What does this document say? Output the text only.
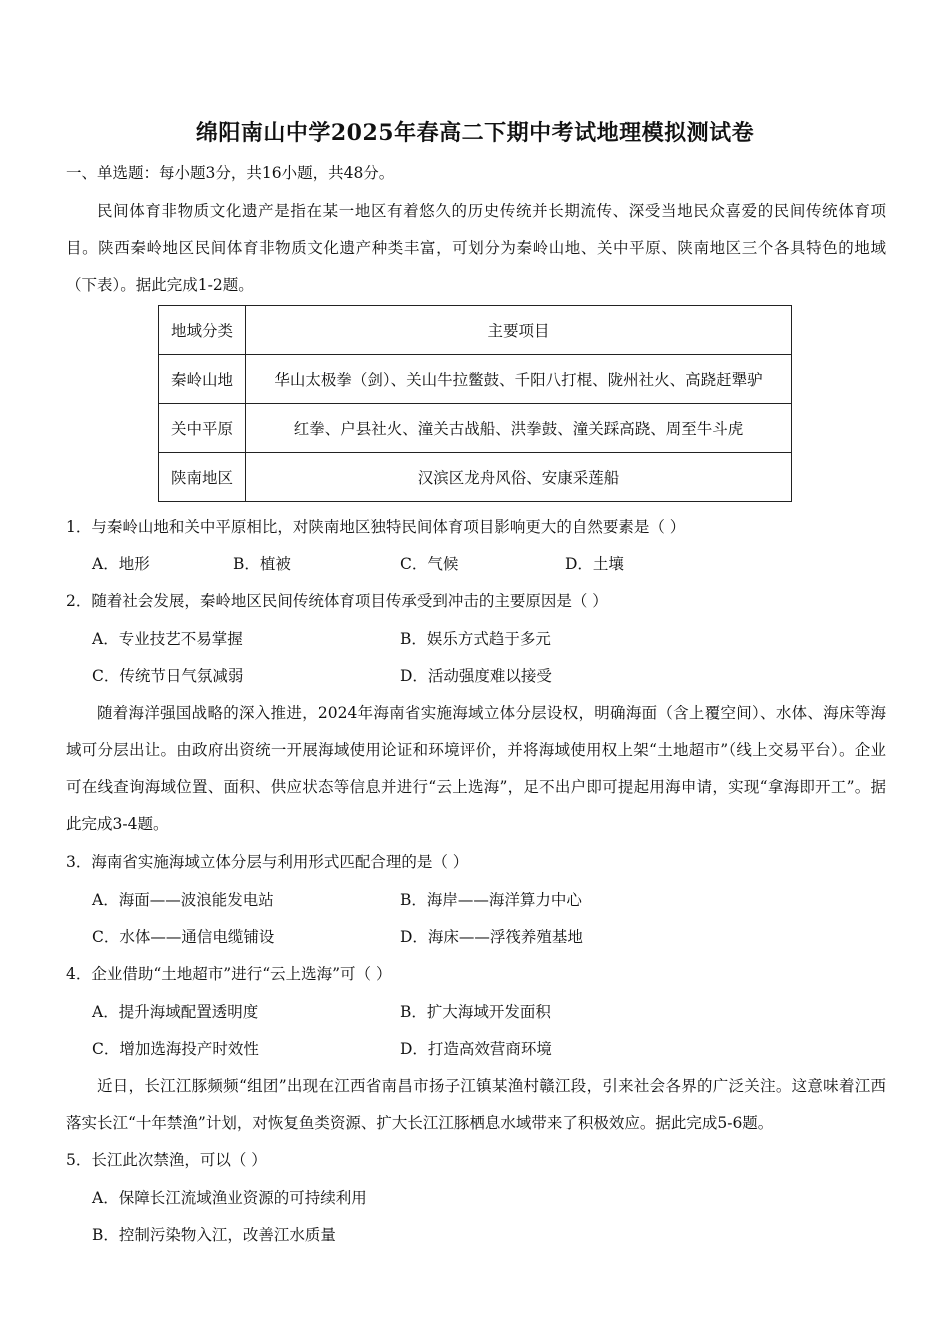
绵阳南山中学2025年春高二下期中考试地理模拟测试卷
一、单选题：每小题3分，共16小题，共48分。
民间体育非物质文化遗产是指在某一地区有着悠久的历史传统并长期流传、深受当地民众喜爱的民间传统体育项目。陕西秦岭地区民间体育非物质文化遗产种类丰富，可划分为秦岭山地、关中平原、陕南地区三个各具特色的地域（下表）。据此完成1-2题。
地域分类	主要项目
秦岭山地	华山太极拳（剑）、关山牛拉鳖鼓、千阳八打棍、陇州社火、高跷赶犟驴
关中平原	红拳、户县社火、潼关古战船、洪拳鼓、潼关踩高跷、周至牛斗虎
陕南地区	汉滨区龙舟风俗、安康采莲船
1．与秦岭山地和关中平原相比，对陕南地区独特民间体育项目影响更大的自然要素是（ ）
A．地形	B．植被	C．气候	D．土壤
2．随着社会发展，秦岭地区民间传统体育项目传承受到冲击的主要原因是（ ）
A．专业技艺不易掌握	B．娱乐方式趋于多元
C．传统节日气氛减弱	D．活动强度难以接受
随着海洋强国战略的深入推进，2024年海南省实施海域立体分层设权，明确海面（含上覆空间）、水体、海床等海域可分层出让。由政府出资统一开展海域使用论证和环境评价，并将海域使用权上架“土地超市”（线上交易平台）。企业可在线查询海域位置、面积、供应状态等信息并进行“云上选海”，足不出户即可提起用海申请，实现“拿海即开工”。据此完成3-4题。
3．海南省实施海域立体分层与利用形式匹配合理的是（ ）
A．海面——波浪能发电站	B．海岸——海洋算力中心
C．水体——通信电缆铺设	D．海床——浮筏养殖基地
4．企业借助“土地超市”进行“云上选海”可（ ）
A．提升海域配置透明度	B．扩大海域开发面积
C．增加选海投产时效性	D．打造高效营商环境
近日，长江江豚频频“组团”出现在江西省南昌市扬子江镇某渔村赣江段，引来社会各界的广泛关注。这意味着江西落实长江“十年禁渔”计划，对恢复鱼类资源、扩大长江江豚栖息水域带来了积极效应。据此完成5-6题。
5．长江此次禁渔，可以（ ）
A．保障长江流域渔业资源的可持续利用
B．控制污染物入江，改善江水质量
